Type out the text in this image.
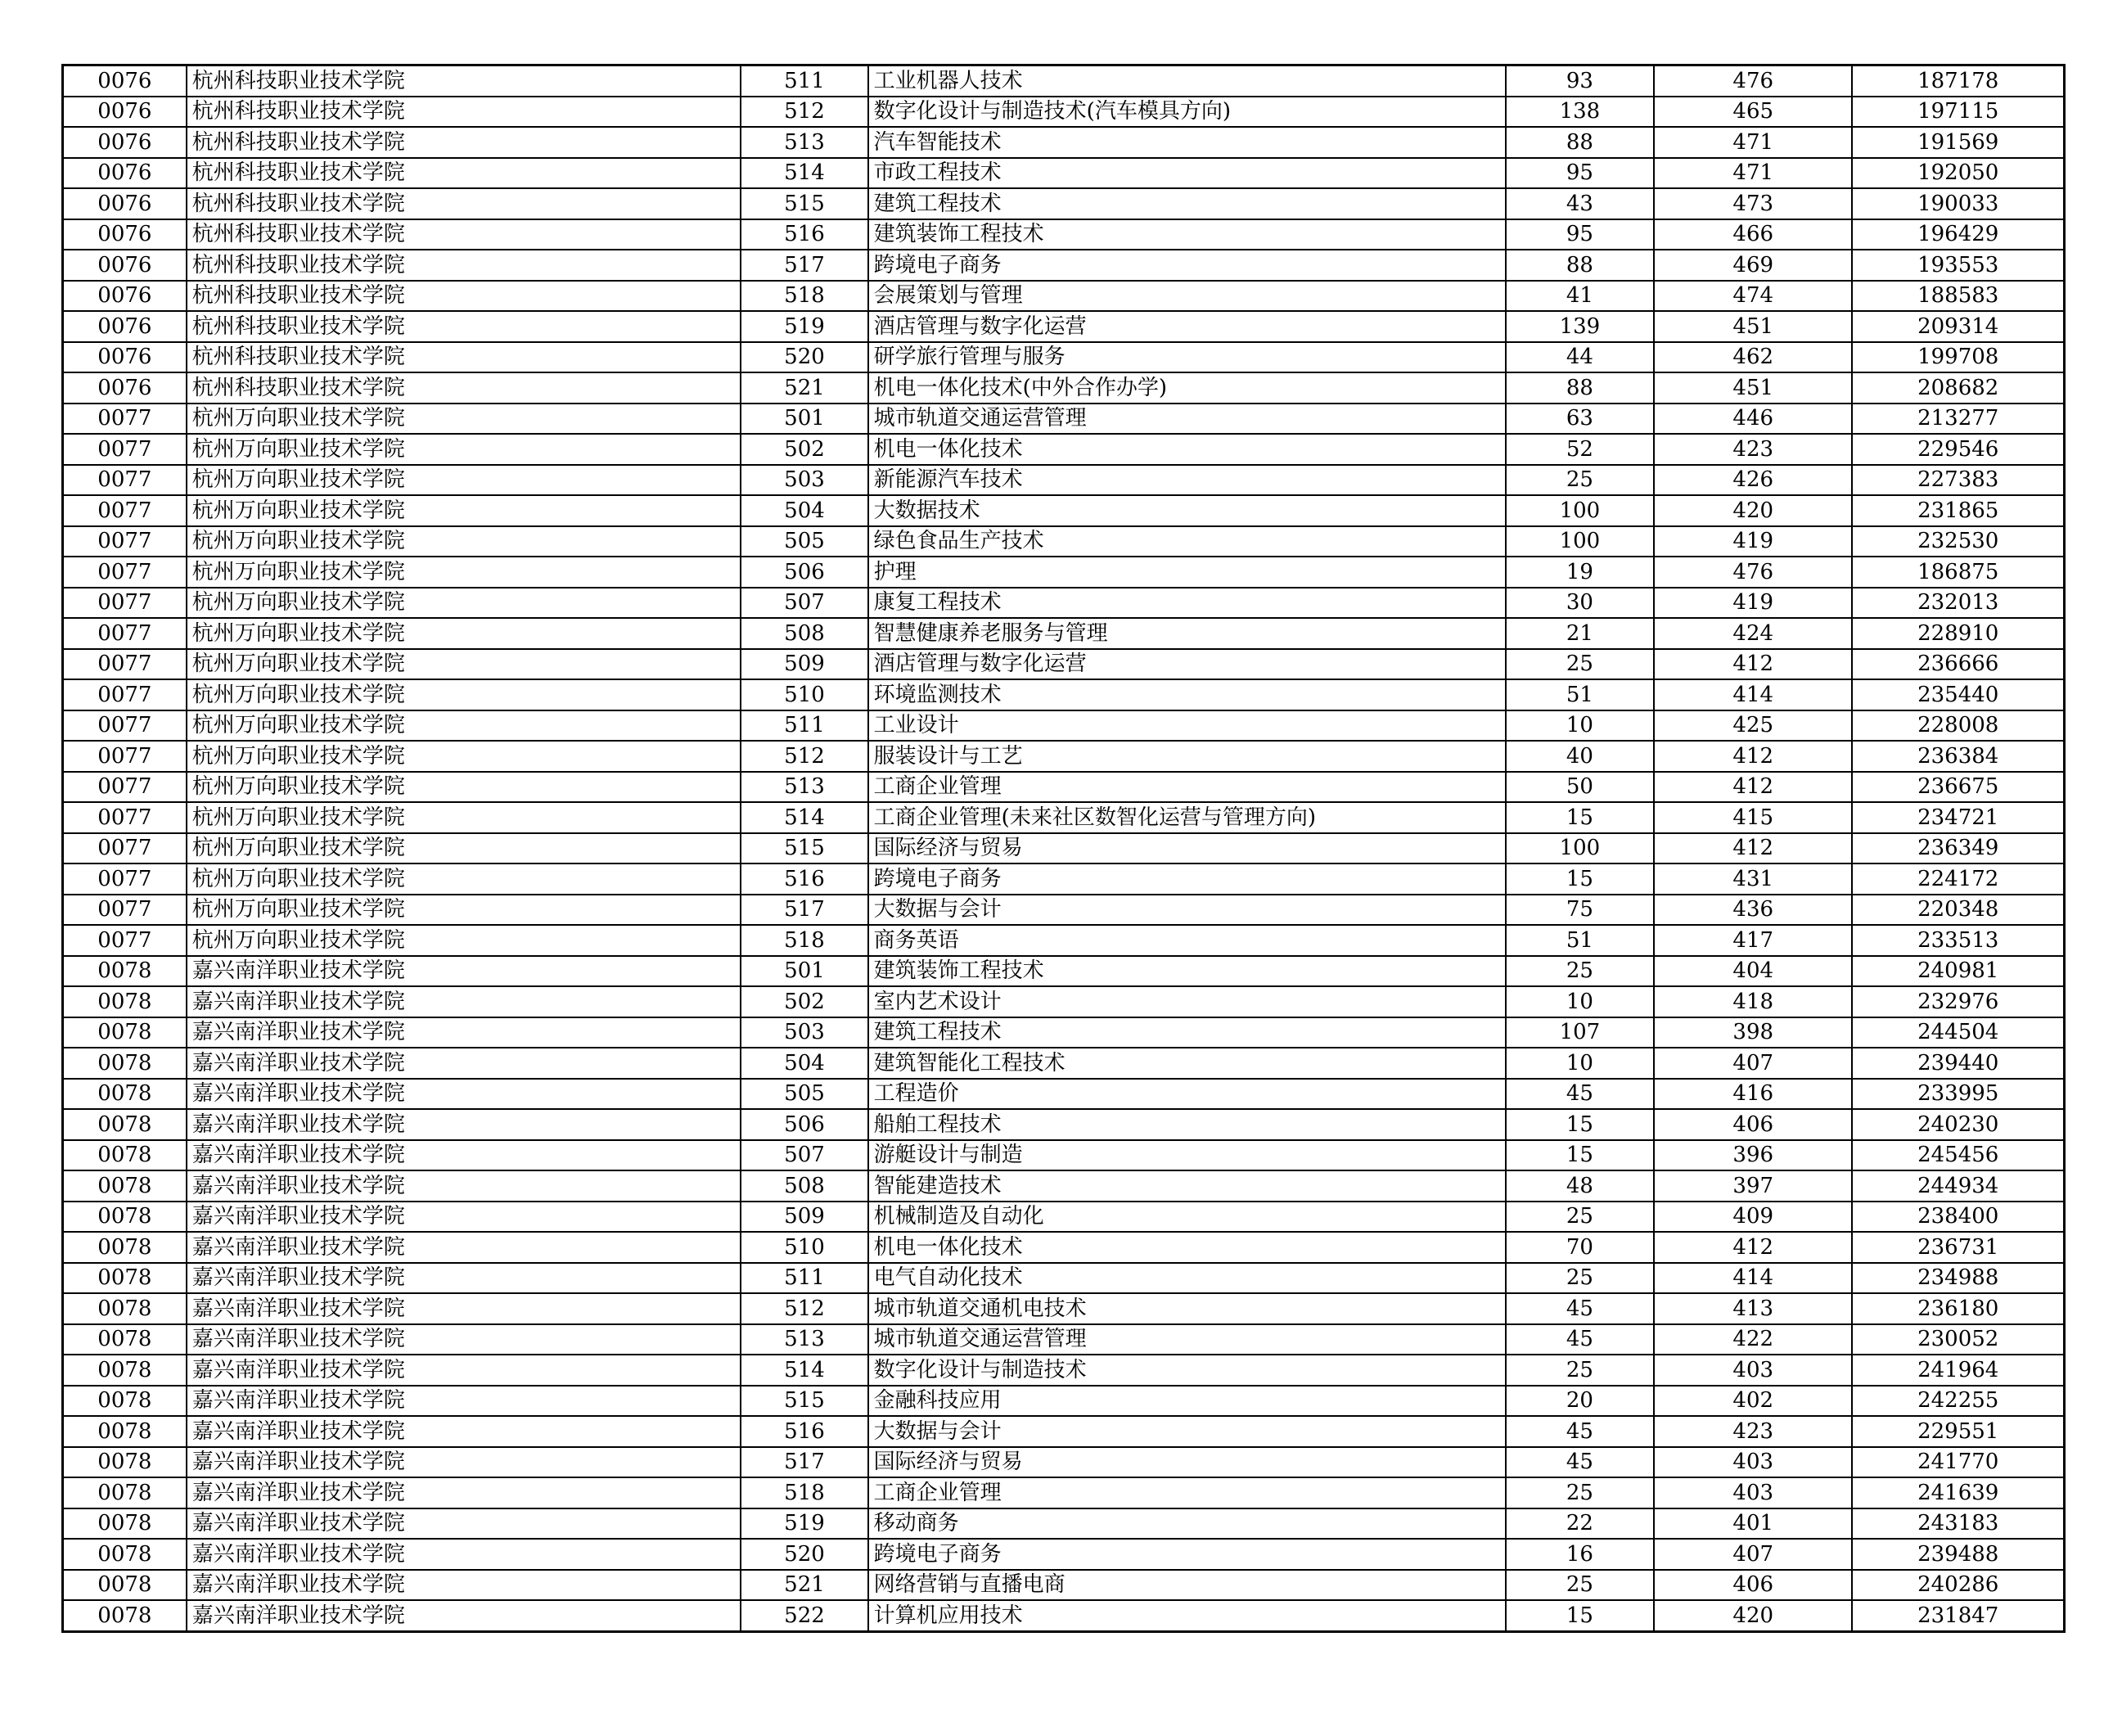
0076	杭州科技职业技术学院	511	工业机器人技术	93	476	187178
0076	杭州科技职业技术学院	512	数字化设计与制造技术(汽车模具方向)	138	465	197115
0076	杭州科技职业技术学院	513	汽车智能技术	88	471	191569
0076	杭州科技职业技术学院	514	市政工程技术	95	471	192050
0076	杭州科技职业技术学院	515	建筑工程技术	43	473	190033
0076	杭州科技职业技术学院	516	建筑装饰工程技术	95	466	196429
0076	杭州科技职业技术学院	517	跨境电子商务	88	469	193553
0076	杭州科技职业技术学院	518	会展策划与管理	41	474	188583
0076	杭州科技职业技术学院	519	酒店管理与数字化运营	139	451	209314
0076	杭州科技职业技术学院	520	研学旅行管理与服务	44	462	199708
0076	杭州科技职业技术学院	521	机电一体化技术(中外合作办学)	88	451	208682
0077	杭州万向职业技术学院	501	城市轨道交通运营管理	63	446	213277
0077	杭州万向职业技术学院	502	机电一体化技术	52	423	229546
0077	杭州万向职业技术学院	503	新能源汽车技术	25	426	227383
0077	杭州万向职业技术学院	504	大数据技术	100	420	231865
0077	杭州万向职业技术学院	505	绿色食品生产技术	100	419	232530
0077	杭州万向职业技术学院	506	护理	19	476	186875
0077	杭州万向职业技术学院	507	康复工程技术	30	419	232013
0077	杭州万向职业技术学院	508	智慧健康养老服务与管理	21	424	228910
0077	杭州万向职业技术学院	509	酒店管理与数字化运营	25	412	236666
0077	杭州万向职业技术学院	510	环境监测技术	51	414	235440
0077	杭州万向职业技术学院	511	工业设计	10	425	228008
0077	杭州万向职业技术学院	512	服装设计与工艺	40	412	236384
0077	杭州万向职业技术学院	513	工商企业管理	50	412	236675
0077	杭州万向职业技术学院	514	工商企业管理(未来社区数智化运营与管理方向)	15	415	234721
0077	杭州万向职业技术学院	515	国际经济与贸易	100	412	236349
0077	杭州万向职业技术学院	516	跨境电子商务	15	431	224172
0077	杭州万向职业技术学院	517	大数据与会计	75	436	220348
0077	杭州万向职业技术学院	518	商务英语	51	417	233513
0078	嘉兴南洋职业技术学院	501	建筑装饰工程技术	25	404	240981
0078	嘉兴南洋职业技术学院	502	室内艺术设计	10	418	232976
0078	嘉兴南洋职业技术学院	503	建筑工程技术	107	398	244504
0078	嘉兴南洋职业技术学院	504	建筑智能化工程技术	10	407	239440
0078	嘉兴南洋职业技术学院	505	工程造价	45	416	233995
0078	嘉兴南洋职业技术学院	506	船舶工程技术	15	406	240230
0078	嘉兴南洋职业技术学院	507	游艇设计与制造	15	396	245456
0078	嘉兴南洋职业技术学院	508	智能建造技术	48	397	244934
0078	嘉兴南洋职业技术学院	509	机械制造及自动化	25	409	238400
0078	嘉兴南洋职业技术学院	510	机电一体化技术	70	412	236731
0078	嘉兴南洋职业技术学院	511	电气自动化技术	25	414	234988
0078	嘉兴南洋职业技术学院	512	城市轨道交通机电技术	45	413	236180
0078	嘉兴南洋职业技术学院	513	城市轨道交通运营管理	45	422	230052
0078	嘉兴南洋职业技术学院	514	数字化设计与制造技术	25	403	241964
0078	嘉兴南洋职业技术学院	515	金融科技应用	20	402	242255
0078	嘉兴南洋职业技术学院	516	大数据与会计	45	423	229551
0078	嘉兴南洋职业技术学院	517	国际经济与贸易	45	403	241770
0078	嘉兴南洋职业技术学院	518	工商企业管理	25	403	241639
0078	嘉兴南洋职业技术学院	519	移动商务	22	401	243183
0078	嘉兴南洋职业技术学院	520	跨境电子商务	16	407	239488
0078	嘉兴南洋职业技术学院	521	网络营销与直播电商	25	406	240286
0078	嘉兴南洋职业技术学院	522	计算机应用技术	15	420	231847
